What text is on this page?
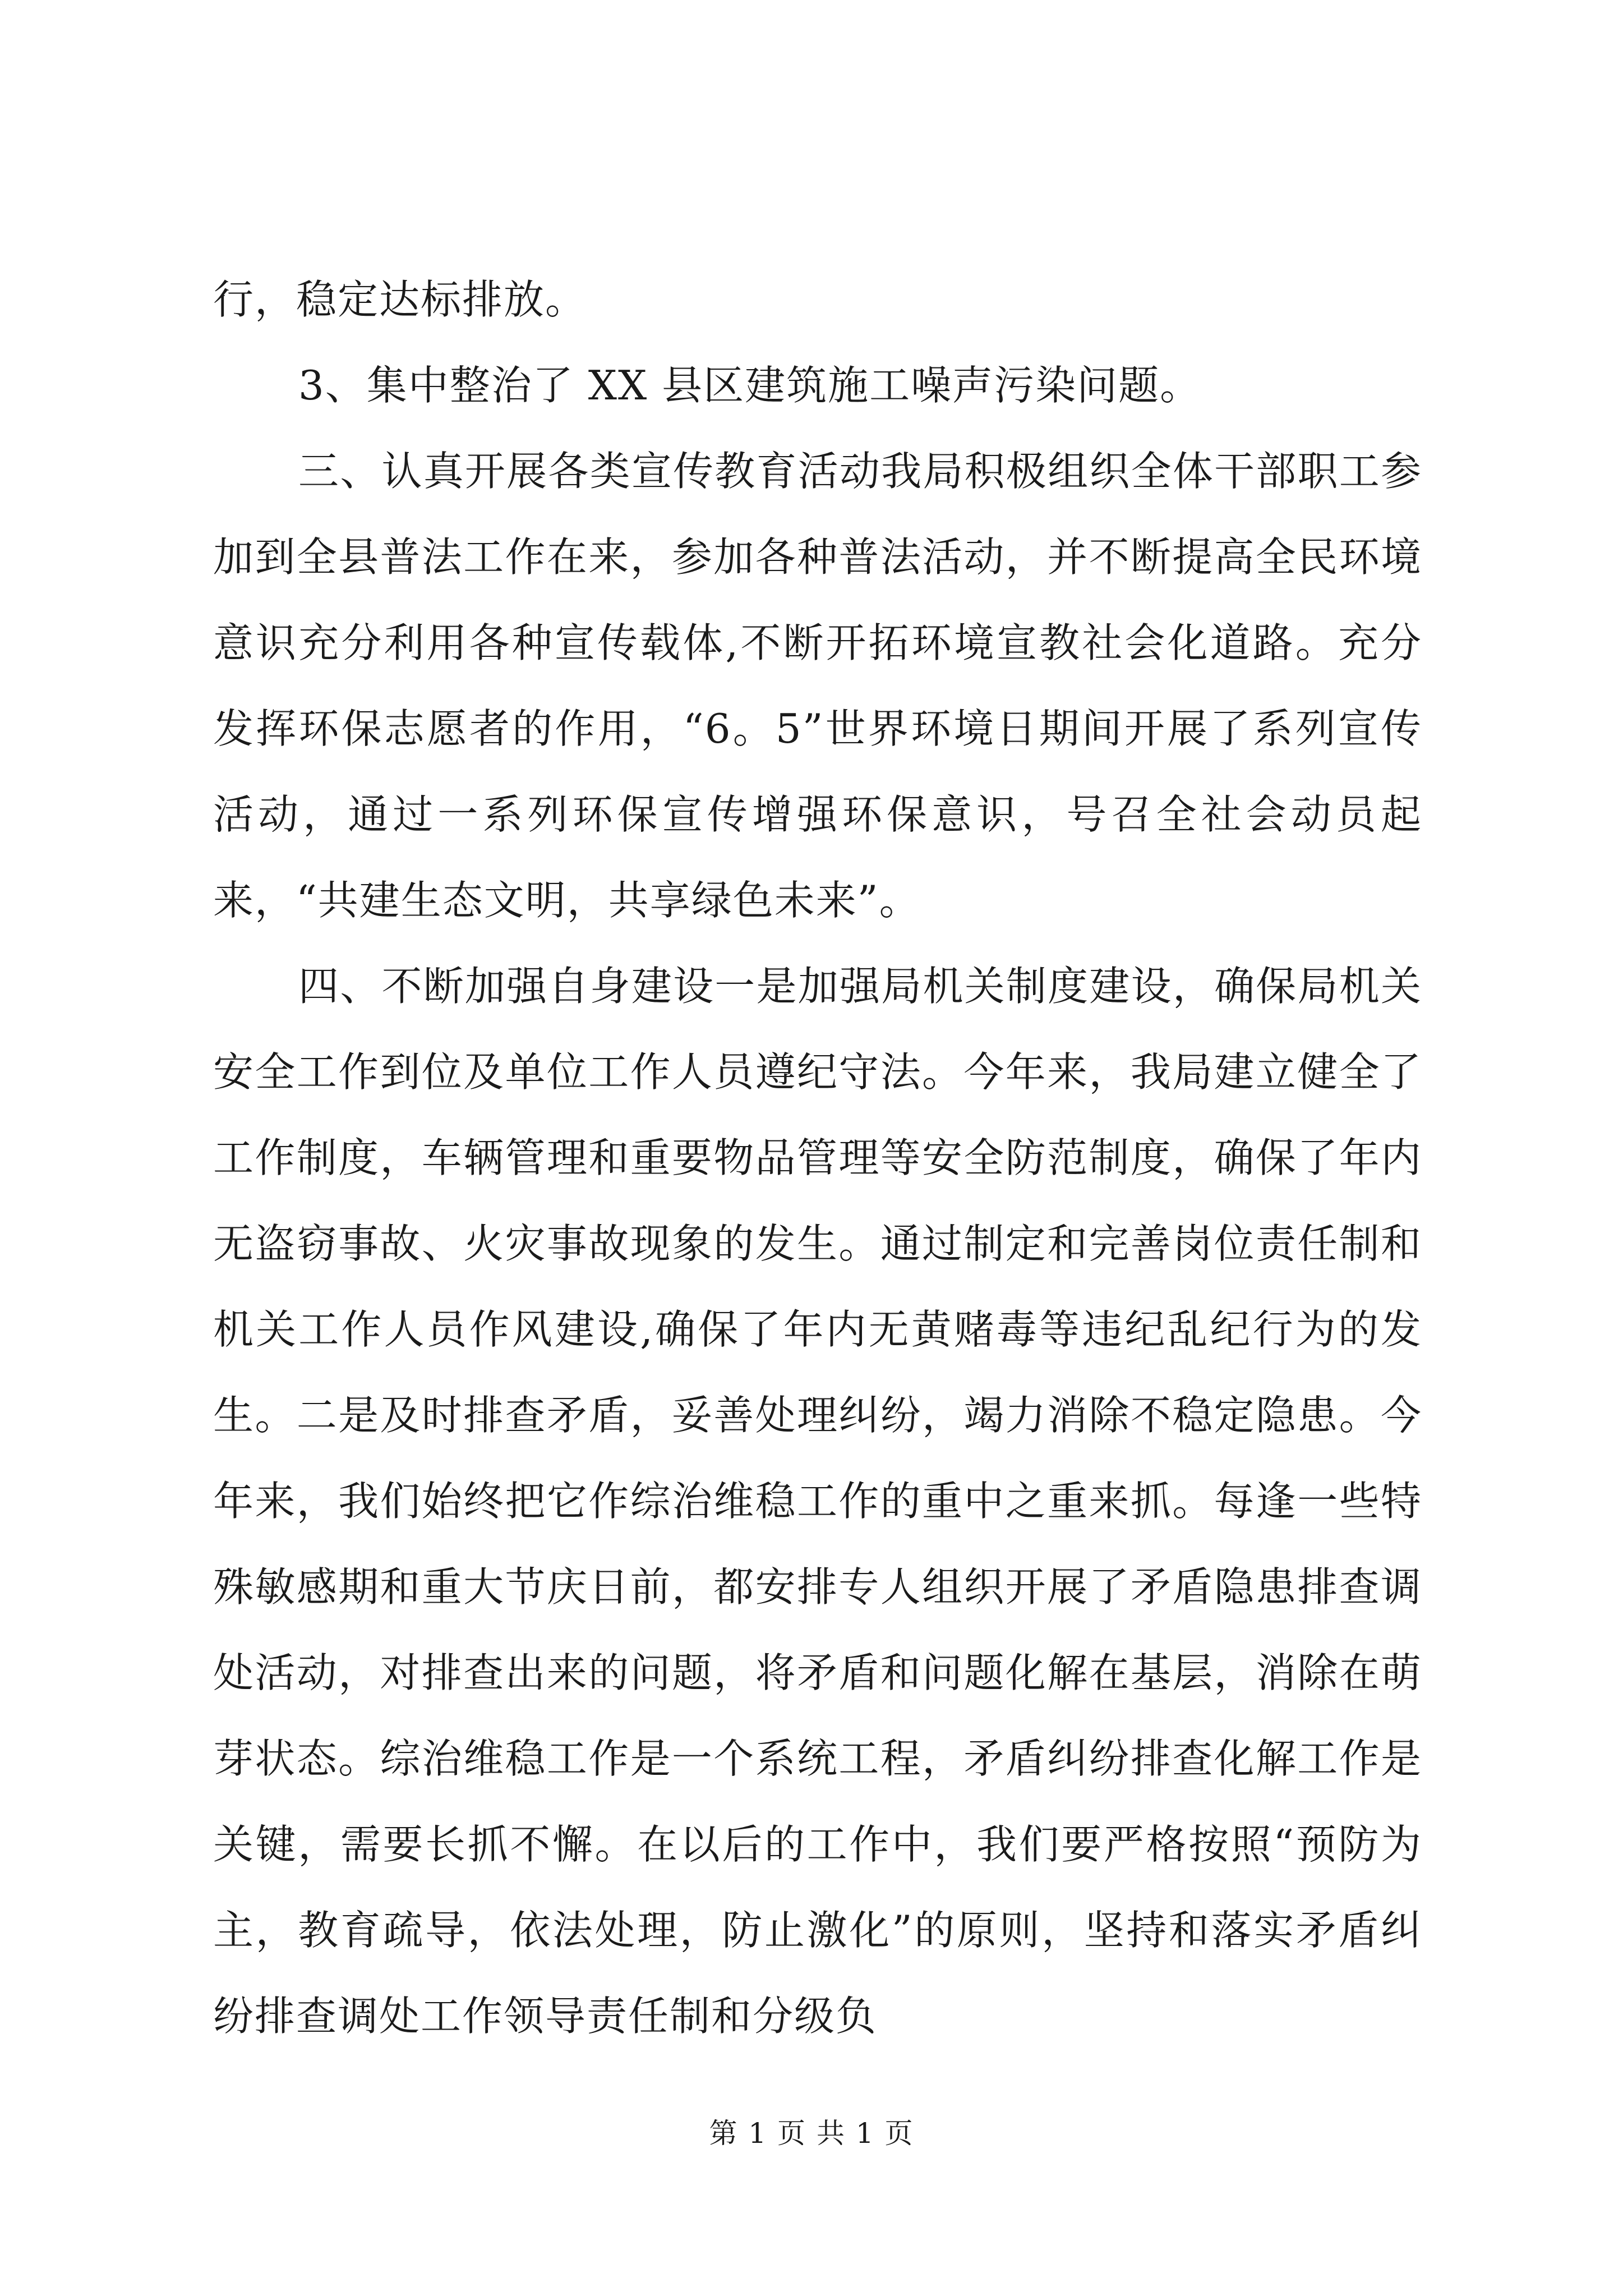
行，稳定达标排放。

3、集中整治了 XX 县区建筑施工噪声污染问题。

三、认真开展各类宣传教育活动我局积极组织全体干部职工参加到全县普法工作在来，参加各种普法活动，并不断提高全民环境意识充分利用各种宣传载体,不断开拓环境宣教社会化道路。充分发挥环保志愿者的作用，“6。5”世界环境日期间开展了系列宣传活动，通过一系列环保宣传增强环保意识，号召全社会动员起来，“共建生态文明，共享绿色未来”。

四、不断加强自身建设一是加强局机关制度建设，确保局机关安全工作到位及单位工作人员遵纪守法。今年来，我局建立健全了工作制度，车辆管理和重要物品管理等安全防范制度，确保了年内无盗窃事故、火灾事故现象的发生。通过制定和完善岗位责任制和机关工作人员作风建设,确保了年内无黄赌毒等违纪乱纪行为的发生。二是及时排查矛盾，妥善处理纠纷，竭力消除不稳定隐患。今年来，我们始终把它作综治维稳工作的重中之重来抓。每逢一些特殊敏感期和重大节庆日前，都安排专人组织开展了矛盾隐患排查调处活动，对排查出来的问题，将矛盾和问题化解在基层，消除在萌芽状态。综治维稳工作是一个系统工程，矛盾纠纷排查化解工作是关键，需要长抓不懈。在以后的工作中，我们要严格按照“预防为主，教育疏导，依法处理，防止激化”的原则，坚持和落实矛盾纠纷排查调处工作领导责任制和分级负

第 1 页 共 1 页
